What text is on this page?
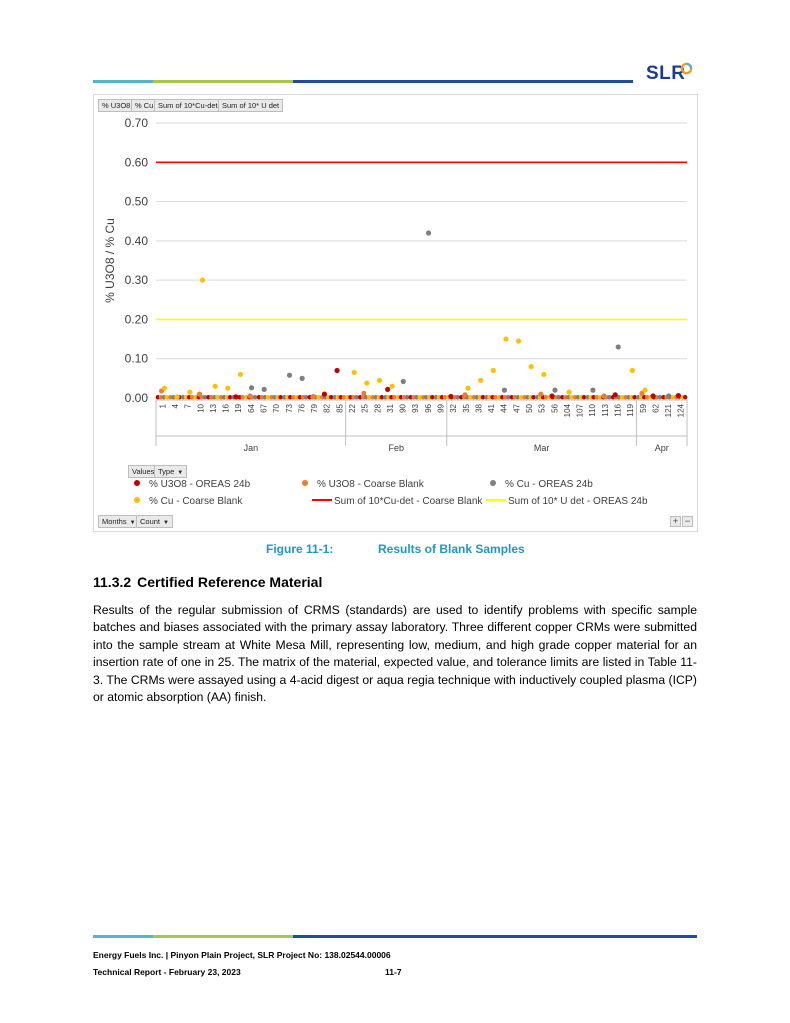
SLR
% U3O8 % Cu Sum of 10*Cu-det Sum of 10* U det
0.00
0.10
0.20
0.30
0.40
0.50
0.60
0.70
% U3O8 / % Cu
1 4 7 10 13 16 19 64 67 70 73 76 79 82 85 22 25 28 31 90 93 96 99 32 35 38 41 44 47 50 53 56 104 107 110 113 116 119 59 62 121 124
Jan	Feb	Mar	Apr
Values Type ▼
% U3O8 - OREAS 24b	% U3O8 - Coarse Blank	% Cu - OREAS 24b
% Cu - Coarse Blank	Sum of 10*Cu-det - Coarse Blank	Sum of 10* U det - OREAS 24b
Months ▼ Count ▼	+ −
Figure 11-1:	Results of Blank Samples
11.3.2 Certified Reference Material
Results of the regular submission of CRMS (standards) are used to identify problems with specific sample batches and biases associated with the primary assay laboratory. Three different copper CRMs were submitted into the sample stream at White Mesa Mill, representing low, medium, and high grade copper material for an insertion rate of one in 25. The matrix of the material, expected value, and tolerance limits are listed in Table 11-3. The CRMs were assayed using a 4-acid digest or aqua regia technique with inductively coupled plasma (ICP) or atomic absorption (AA) finish.
Energy Fuels Inc. | Pinyon Plain Project, SLR Project No: 138.02544.00006
Technical Report - February 23, 2023	11-7
